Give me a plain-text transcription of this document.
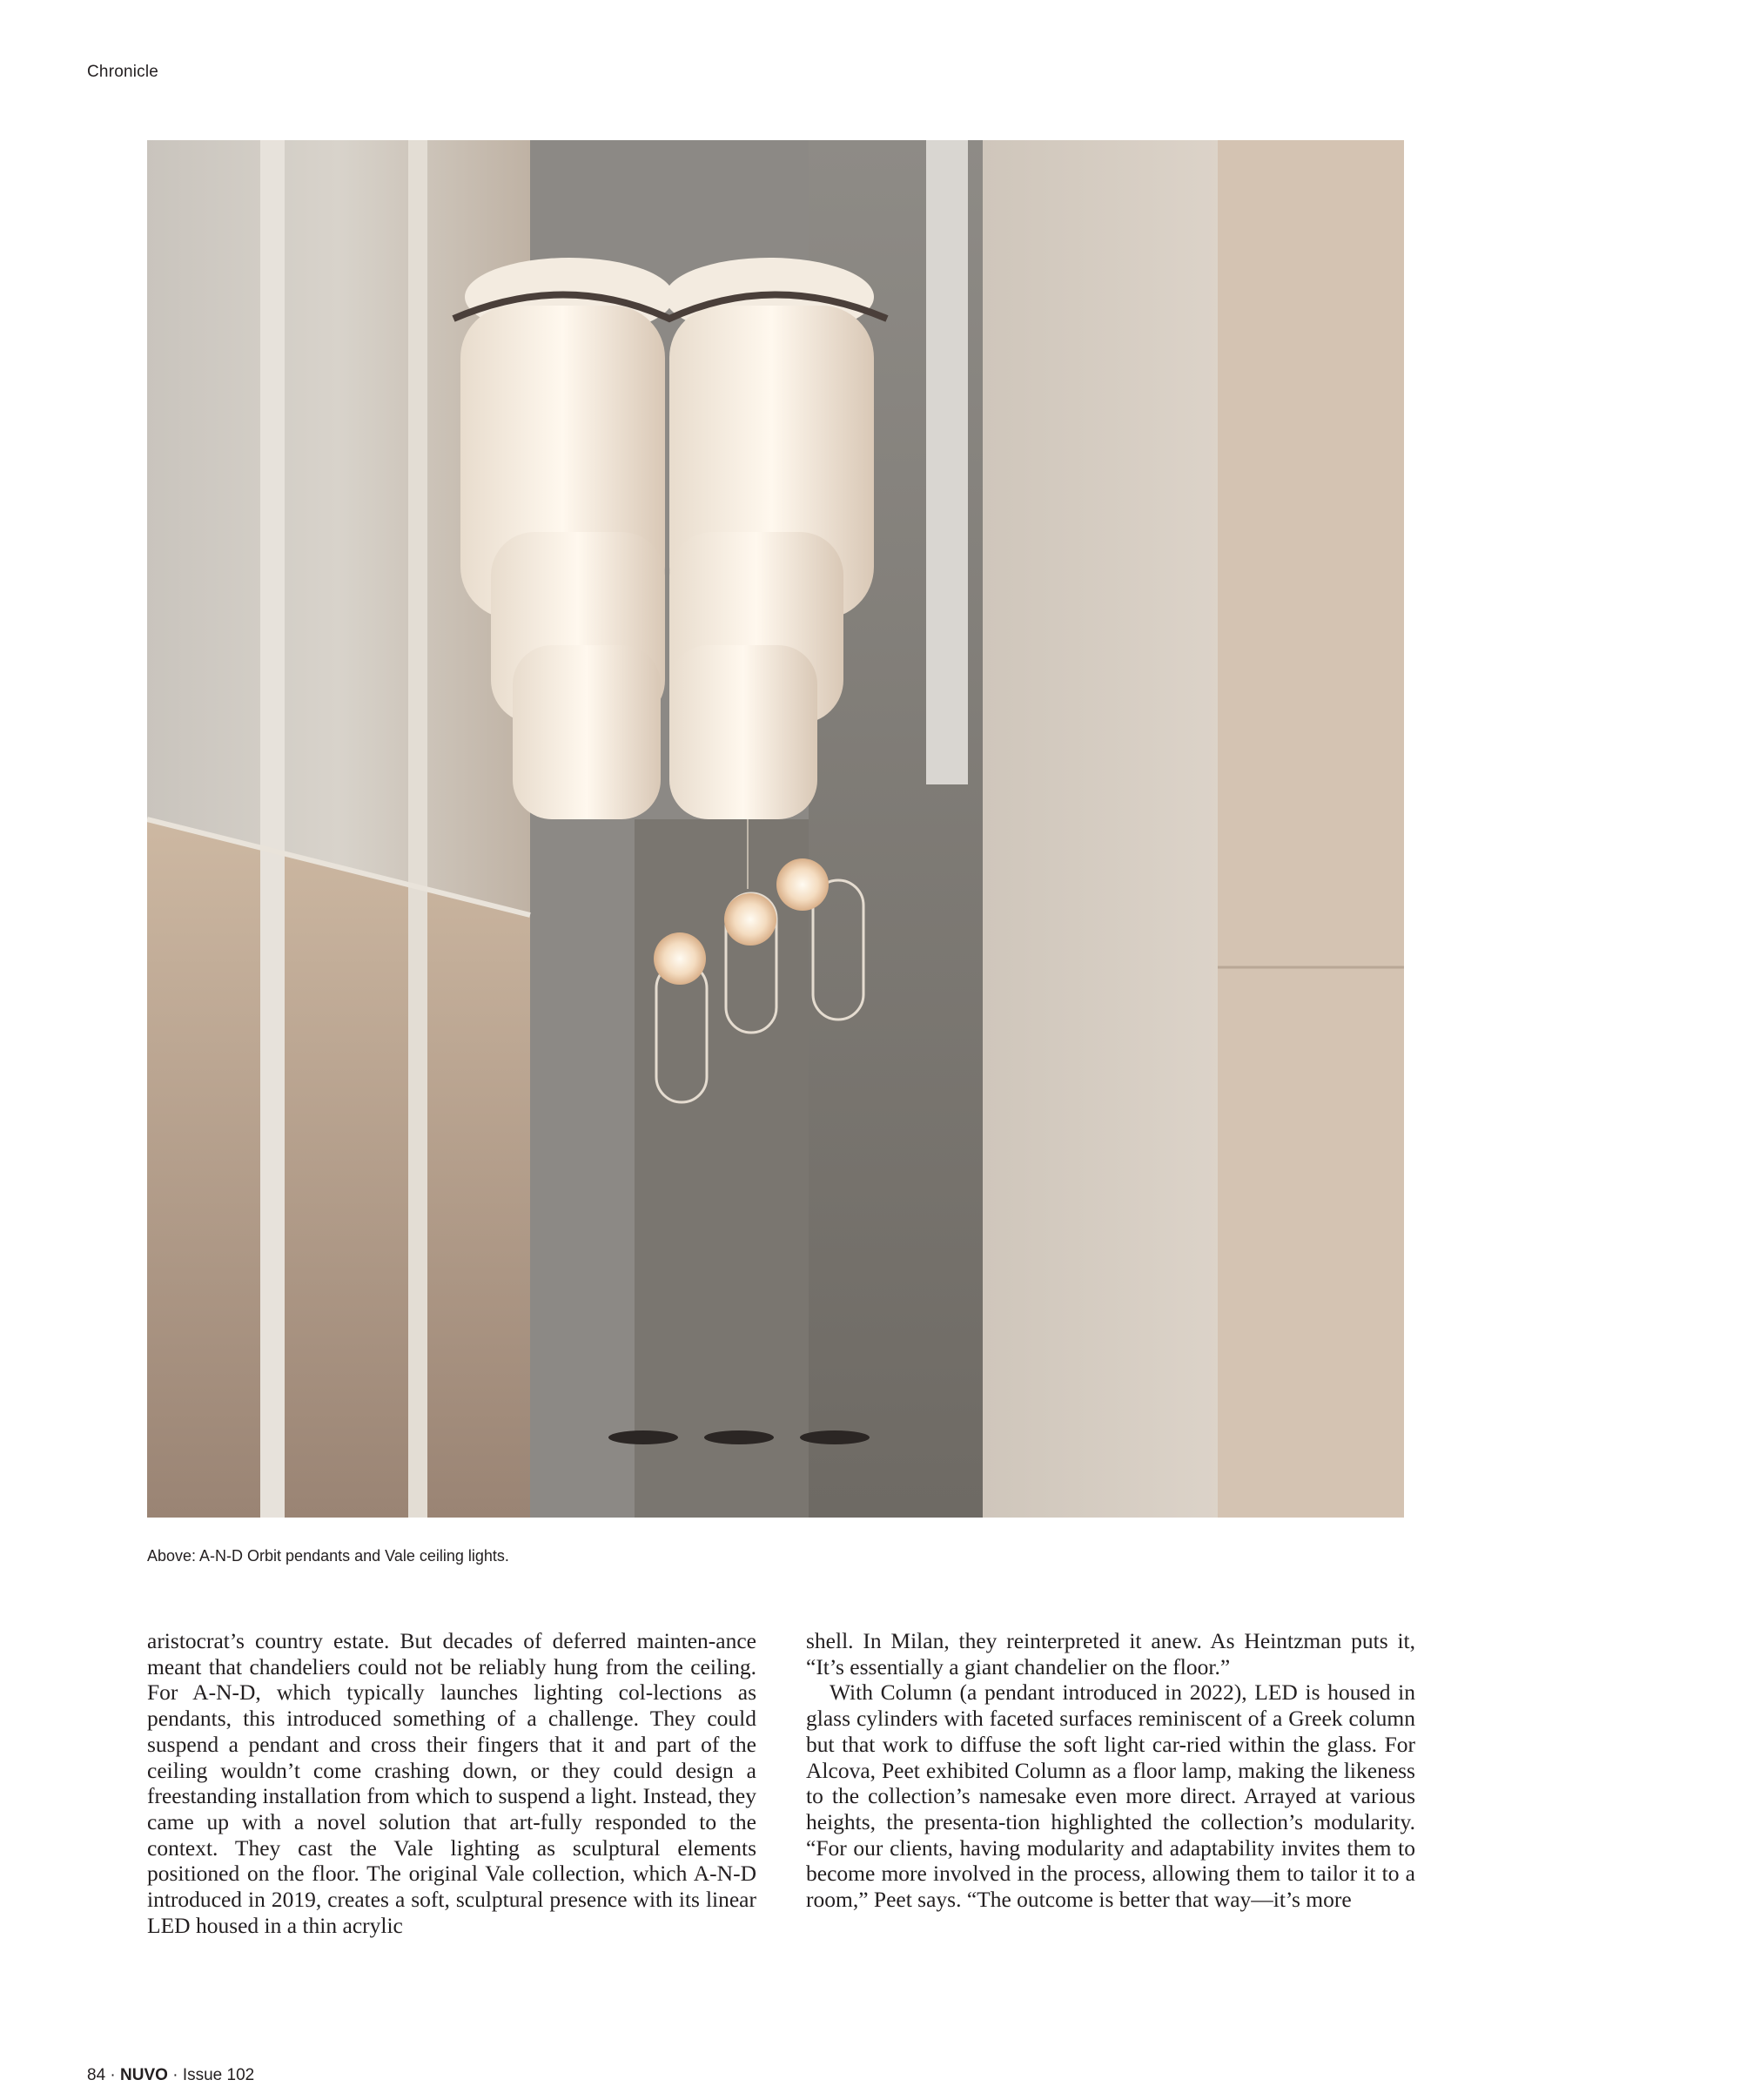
Chronicle
Above: A-N-D Orbit pendants and Vale ceiling lights.

aristocrat’s country estate. But decades of deferred mainten-ance meant that chandeliers could not be reliably hung from the ceiling. For A-N-D, which typically launches lighting col-lections as pendants, this introduced something of a challenge. They could suspend a pendant and cross their fingers that it and part of the ceiling wouldn’t come crashing down, or they could design a freestanding installation from which to suspend a light. Instead, they came up with a novel solution that art-fully responded to the context. They cast the Vale lighting as sculptural elements positioned on the floor. The original Vale collection, which A-N-D introduced in 2019, creates a soft, sculptural presence with its linear LED housed in a thin acrylic

shell. In Milan, they reinterpreted it anew. As Heintzman puts it, “It’s essentially a giant chandelier on the floor.”

With Column (a pendant introduced in 2022), LED is housed in glass cylinders with faceted surfaces reminiscent of a Greek column but that work to diffuse the soft light car-ried within the glass. For Alcova, Peet exhibited Column as a floor lamp, making the likeness to the collection’s namesake even more direct. Arrayed at various heights, the presenta-tion highlighted the collection’s modularity. “For our clients, having modularity and adaptability invites them to become more involved in the process, allowing them to tailor it to a room,” Peet says. “The outcome is better that way—it’s more

84 · NUVO · Issue 102
